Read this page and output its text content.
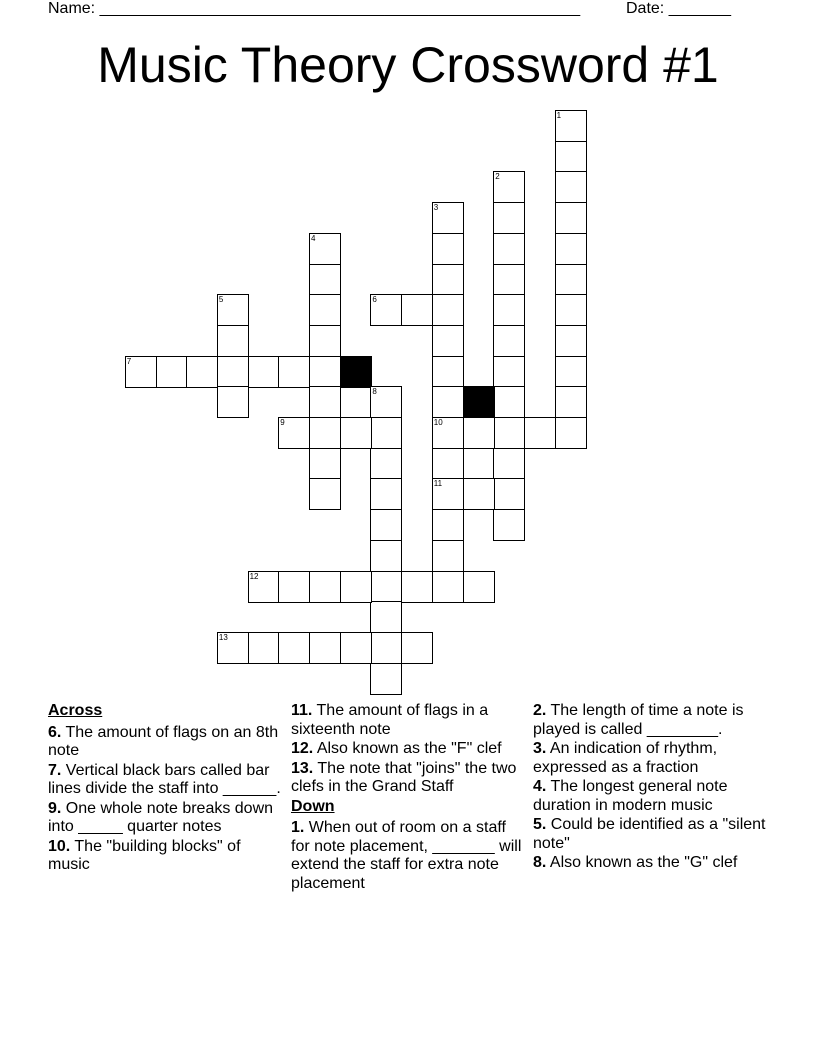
Name: ______________________________________________________	Date: _______
Music Theory Crossword #1
1
2
3
10
11
4
5	6
7
8
9
12
13
Across
6. The amount of flags on an 8th note
7. Vertical black bars called bar lines divide the staff into ______.
9. One whole note breaks down into _____ quarter notes
10. The "building blocks" of music
11. The amount of flags in a sixteenth note
12. Also known as the "F" clef
13. The note that "joins" the two clefs in the Grand Staff
Down
1. When out of room on a staff for note placement, _______ will extend the staff for extra note placement
2. The length of time a note is played is called ________.
3. An indication of rhythm, expressed as a fraction
4. The longest general note duration in modern music
5. Could be identified as a "silent note"
8. Also known as the "G" clef
